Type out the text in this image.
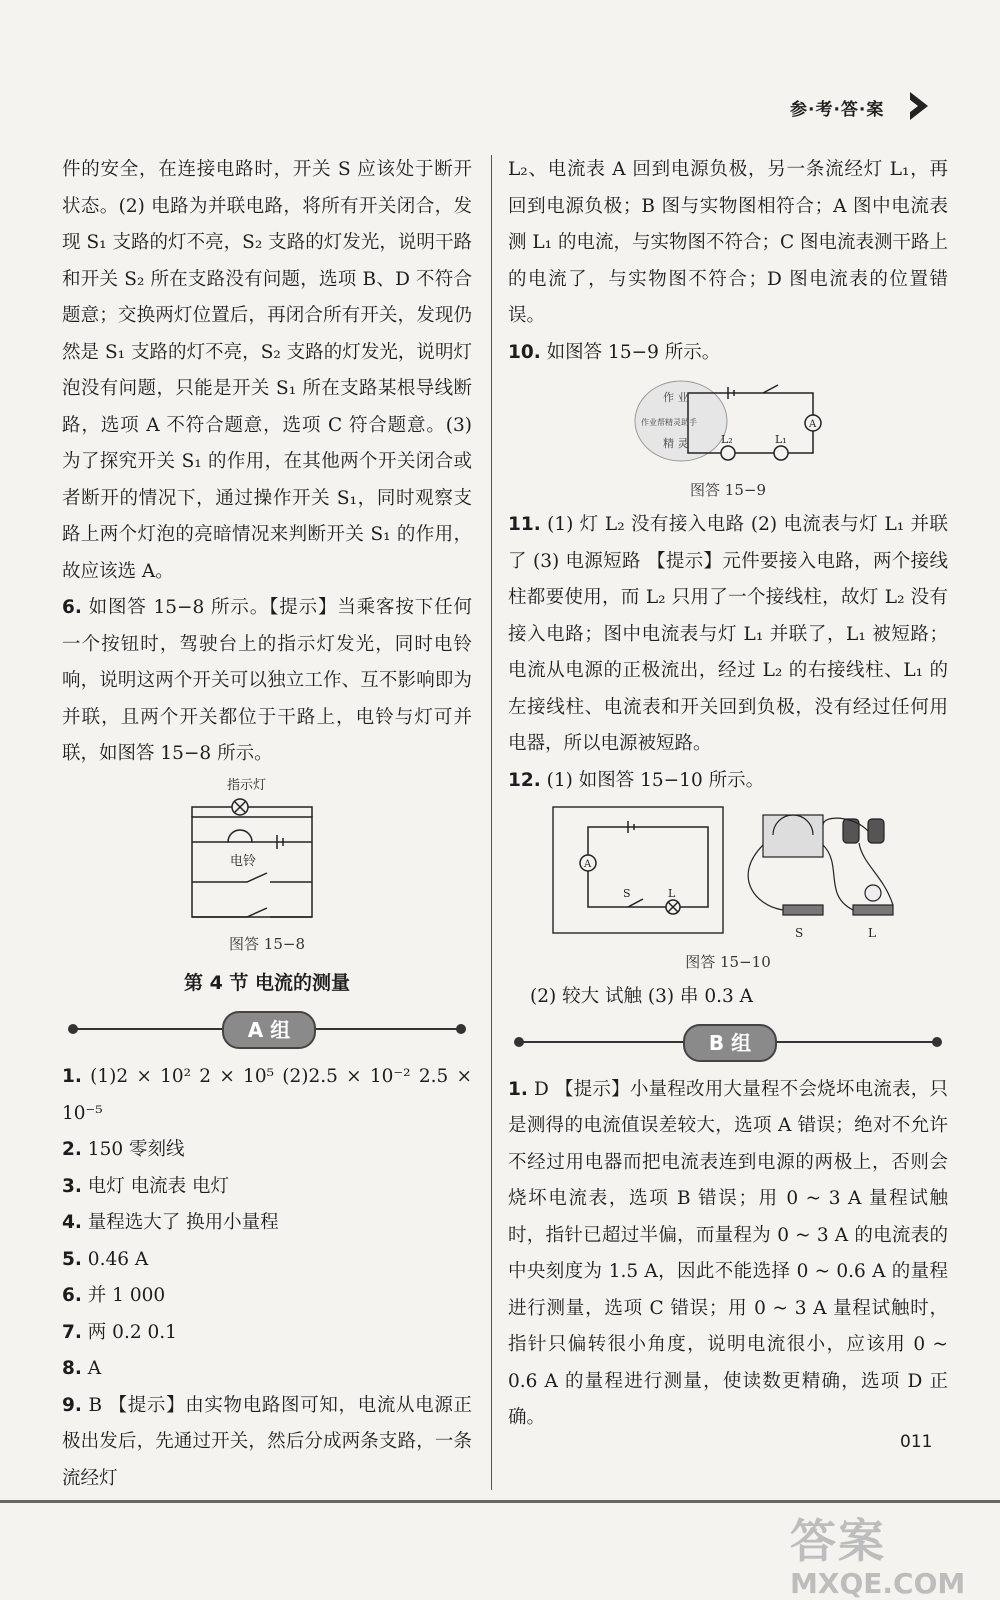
参·考·答·案

件的安全，在连接电路时，开关 S 应该处于断开状态。(2) 电路为并联电路，将所有开关闭合，发现 S₁ 支路的灯不亮，S₂ 支路的灯发光，说明干路和开关 S₂ 所在支路没有问题，选项 B、D 不符合题意；交换两灯位置后，再闭合所有开关，发现仍然是 S₁ 支路的灯不亮，S₂ 支路的灯发光，说明灯泡没有问题，只能是开关 S₁ 所在支路某根导线断路，选项 A 不符合题意，选项 C 符合题意。(3) 为了探究开关 S₁ 的作用，在其他两个开关闭合或者断开的情况下，通过操作开关 S₁，同时观察支路上两个灯泡的亮暗情况来判断开关 S₁ 的作用，故应该选 A。

6. 如图答 15−8 所示。【提示】当乘客按下任何一个按钮时，驾驶台上的指示灯发光，同时电铃响，说明这两个开关可以独立工作、互不影响即为并联，且两个开关都位于干路上，电铃与灯可并联，如图答 15−8 所示。

指示灯
电铃
图答 15−8
第 4 节 电流的测量
A 组

1. (1)2 × 10² 2 × 10⁵ (2)2.5 × 10⁻² 2.5 × 10⁻⁵

2. 150 零刻线

3. 电灯 电流表 电灯

4. 量程选大了 换用小量程

5. 0.46 A

6. 并 1 000

7. 两 0.2 0.1

8. A

9. B 【提示】由实物电路图可知，电流从电源正极出发后，先通过开关，然后分成两条支路，一条流经灯

L₂、电流表 A 回到电源负极，另一条流经灯 L₁，再回到电源负极；B 图与实物图相符合；A 图中电流表测 L₁ 的电流，与实物图不符合；C 图电流表测干路上的电流了，与实物图不符合；D 图电流表的位置错误。

10. 如图答 15−9 所示。

A
L₂	L₁
作 业
作业帮精灵助手
精 灵
图答 15−9

11. (1) 灯 L₂ 没有接入电路 (2) 电流表与灯 L₁ 并联了 (3) 电源短路 【提示】元件要接入电路，两个接线柱都要使用，而 L₂ 只用了一个接线柱，故灯 L₂ 没有接入电路；图中电流表与灯 L₁ 并联了，L₁ 被短路；电流从电源的正极流出，经过 L₂ 的右接线柱、L₁ 的左接线柱、电流表和开关回到负极，没有经过任何用电器，所以电源被短路。

12. (1) 如图答 15−10 所示。

A
S	L
S	L
图答 15−10

(2) 较大 试触 (3) 串 0.3 A

B 组

1. D 【提示】小量程改用大量程不会烧坏电流表，只是测得的电流值误差较大，选项 A 错误；绝对不允许不经过用电器而把电流表连到电源的两极上，否则会烧坏电流表，选项 B 错误；用 0 ~ 3 A 量程试触时，指针已超过半偏，而量程为 0 ~ 3 A 的电流表的中央刻度为 1.5 A，因此不能选择 0 ~ 0.6 A 的量程进行测量，选项 C 错误；用 0 ~ 3 A 量程试触时，指针只偏转很小角度，说明电流很小，应该用 0 ~ 0.6 A 的量程进行测量，使读数更精确，选项 D 正确。

011
答案
MXQE.COM
